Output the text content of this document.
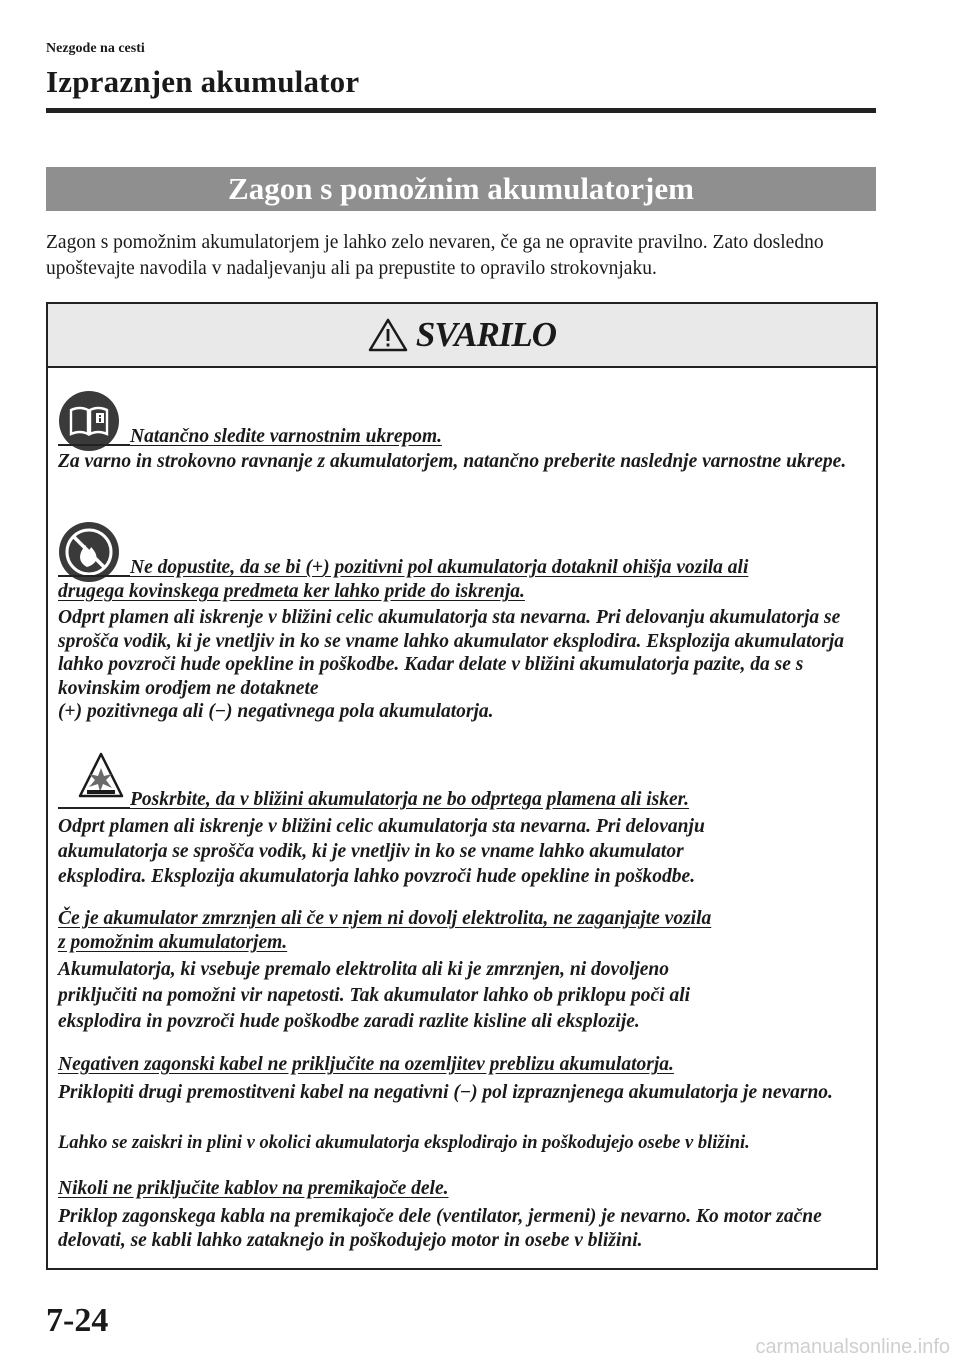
Nezgode na cesti
Izpraznjen akumulator
Zagon s pomožnim akumulatorjem
Zagon s pomožnim akumulatorjem je lahko zelo nevaren, če ga ne opravite pravilno. Zato dosledno upoštevajte navodila v nadaljevanju ali pa prepustite to opravilo strokovnjaku.
SVARILO
Natančno sledite varnostnim ukrepom.
Za varno in strokovno ravnanje z akumulatorjem, natančno preberite naslednje varnostne ukrepe.
Ne dopustite, da se bi (+) pozitivni pol akumulatorja dotaknil ohišja vozila ali
drugega kovinskega predmeta ker lahko pride do iskrenja.
Odprt plamen ali iskrenje v bližini celic akumulatorja sta nevarna. Pri delovanju akumulatorja se sprošča vodik, ki je vnetljiv in ko se vname lahko akumulator eksplodira. Eksplozija akumulatorja lahko povzroči hude opekline in poškodbe. Kadar delate v bližini akumulatorja pazite, da se s kovinskim orodjem ne dotaknete
(+) pozitivnega ali (−) negativnega pola akumulatorja.
Poskrbite, da v bližini akumulatorja ne bo odprtega plamena ali isker.
Odprt plamen ali iskrenje v bližini celic akumulatorja sta nevarna. Pri delovanju
akumulatorja se sprošča vodik, ki je vnetljiv in ko se vname lahko akumulator
eksplodira. Eksplozija akumulatorja lahko povzroči hude opekline in poškodbe.
Če je akumulator zmrznjen ali če v njem ni dovolj elektrolita, ne zaganjajte vozila
z pomožnim akumulatorjem.
Akumulatorja, ki vsebuje premalo elektrolita ali ki je zmrznjen, ni dovoljeno
priključiti na pomožni vir napetosti. Tak akumulator lahko ob priklopu poči ali
eksplodira in povzroči hude poškodbe zaradi razlite kisline ali eksplozije.
Negativen zagonski kabel ne priključite na ozemljitev preblizu akumulatorja.
Priklopiti drugi premostitveni kabel na negativni (−) pol izpraznjenega akumulatorja je nevarno.
Lahko se zaiskri in plini v okolici akumulatorja eksplodirajo in poškodujejo osebe v bližini.
Nikoli ne priključite kablov na premikajoče dele.
Priklop zagonskega kabla na premikajoče dele (ventilator, jermeni) je nevarno. Ko motor začne delovati, se kabli lahko zataknejo in poškodujejo motor in osebe v bližini.
7-24
carmanualsonline.info
